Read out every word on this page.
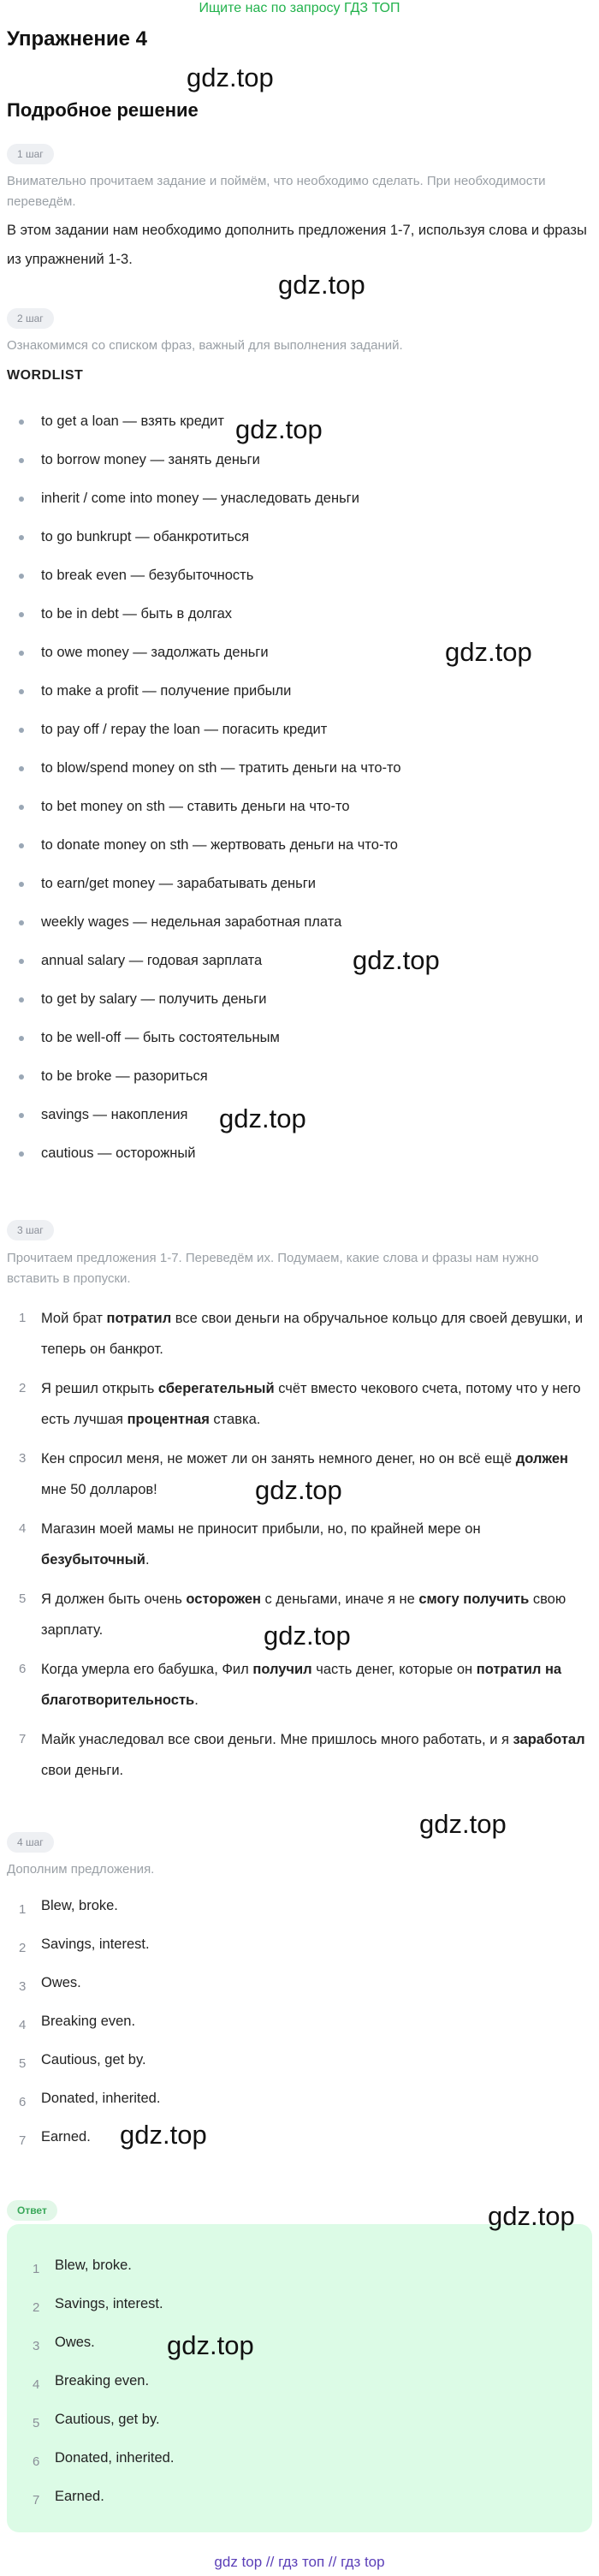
Ищите нас по запросу ГДЗ ТОП
Упражнение 4
Подробное решение
1 шаг
Внимательно прочитаем задание и поймём, что необходимо сделать. При необходимости переведём.
В этом задании нам необходимо дополнить предложения 1-7, используя слова и фразы из упражнений 1-3.
2 шаг
Ознакомимся со списком фраз, важный для выполнения заданий.
WORDLIST
to get a loan — взять кредит
to borrow money — занять деньги
inherit / come into money — унаследовать деньги
to go bunkrupt — обанкротиться
to break even — безубыточность
to be in debt — быть в долгах
to owe money — задолжать деньги
to make a profit — получение прибыли
to pay off / repay the loan — погасить кредит
to blow/spend money on sth — тратить деньги на что-то
to bet money on sth — ставить деньги на что-то
to donate money on sth — жертвовать деньги на что-то
to earn/get money — зарабатывать деньги
weekly wages — недельная заработная плата
annual salary — годовая зарплата
to get by salary — получить деньги
to be well-off — быть состоятельным
to be broke — разориться
savings — накопления
cautious — осторожный
3 шаг
Прочитаем предложения 1-7. Переведём их. Подумаем, какие слова и фразы нам нужно вставить в пропуски.
1 Мой брат потратил все свои деньги на обручальное кольцо для своей девушки, и теперь он банкрот.
2 Я решил открыть сберегательный счёт вместо чекового счета, потому что у него есть лучшая процентная ставка.
3 Кен спросил меня, не может ли он занять немного денег, но он всё ещё должен мне 50 долларов!
4 Магазин моей мамы не приносит прибыли, но, по крайней мере он безубыточный.
5 Я должен быть очень осторожен с деньгами, иначе я не смогу получить свою зарплату.
6 Когда умерла его бабушка, Фил получил часть денег, которые он потратил на благотворительность.
7 Майк унаследовал все свои деньги. Мне пришлось много работать, и я заработал свои деньги.
4 шаг
Дополним предложения.
1 Blew, broke.
2 Savings, interest.
3 Owes.
4 Breaking even.
5 Cautious, get by.
6 Donated, inherited.
7 Earned.
Ответ
1 Blew, broke.
2 Savings, interest.
3 Owes.
4 Breaking even.
5 Cautious, get by.
6 Donated, inherited.
7 Earned.
gdz.top
gdz.top
gdz.top
gdz.top
gdz.top
gdz.top
gdz.top
gdz.top
gdz.top
gdz.top
gdz.top
gdz.top
gdz top // гдз топ // гдз top
